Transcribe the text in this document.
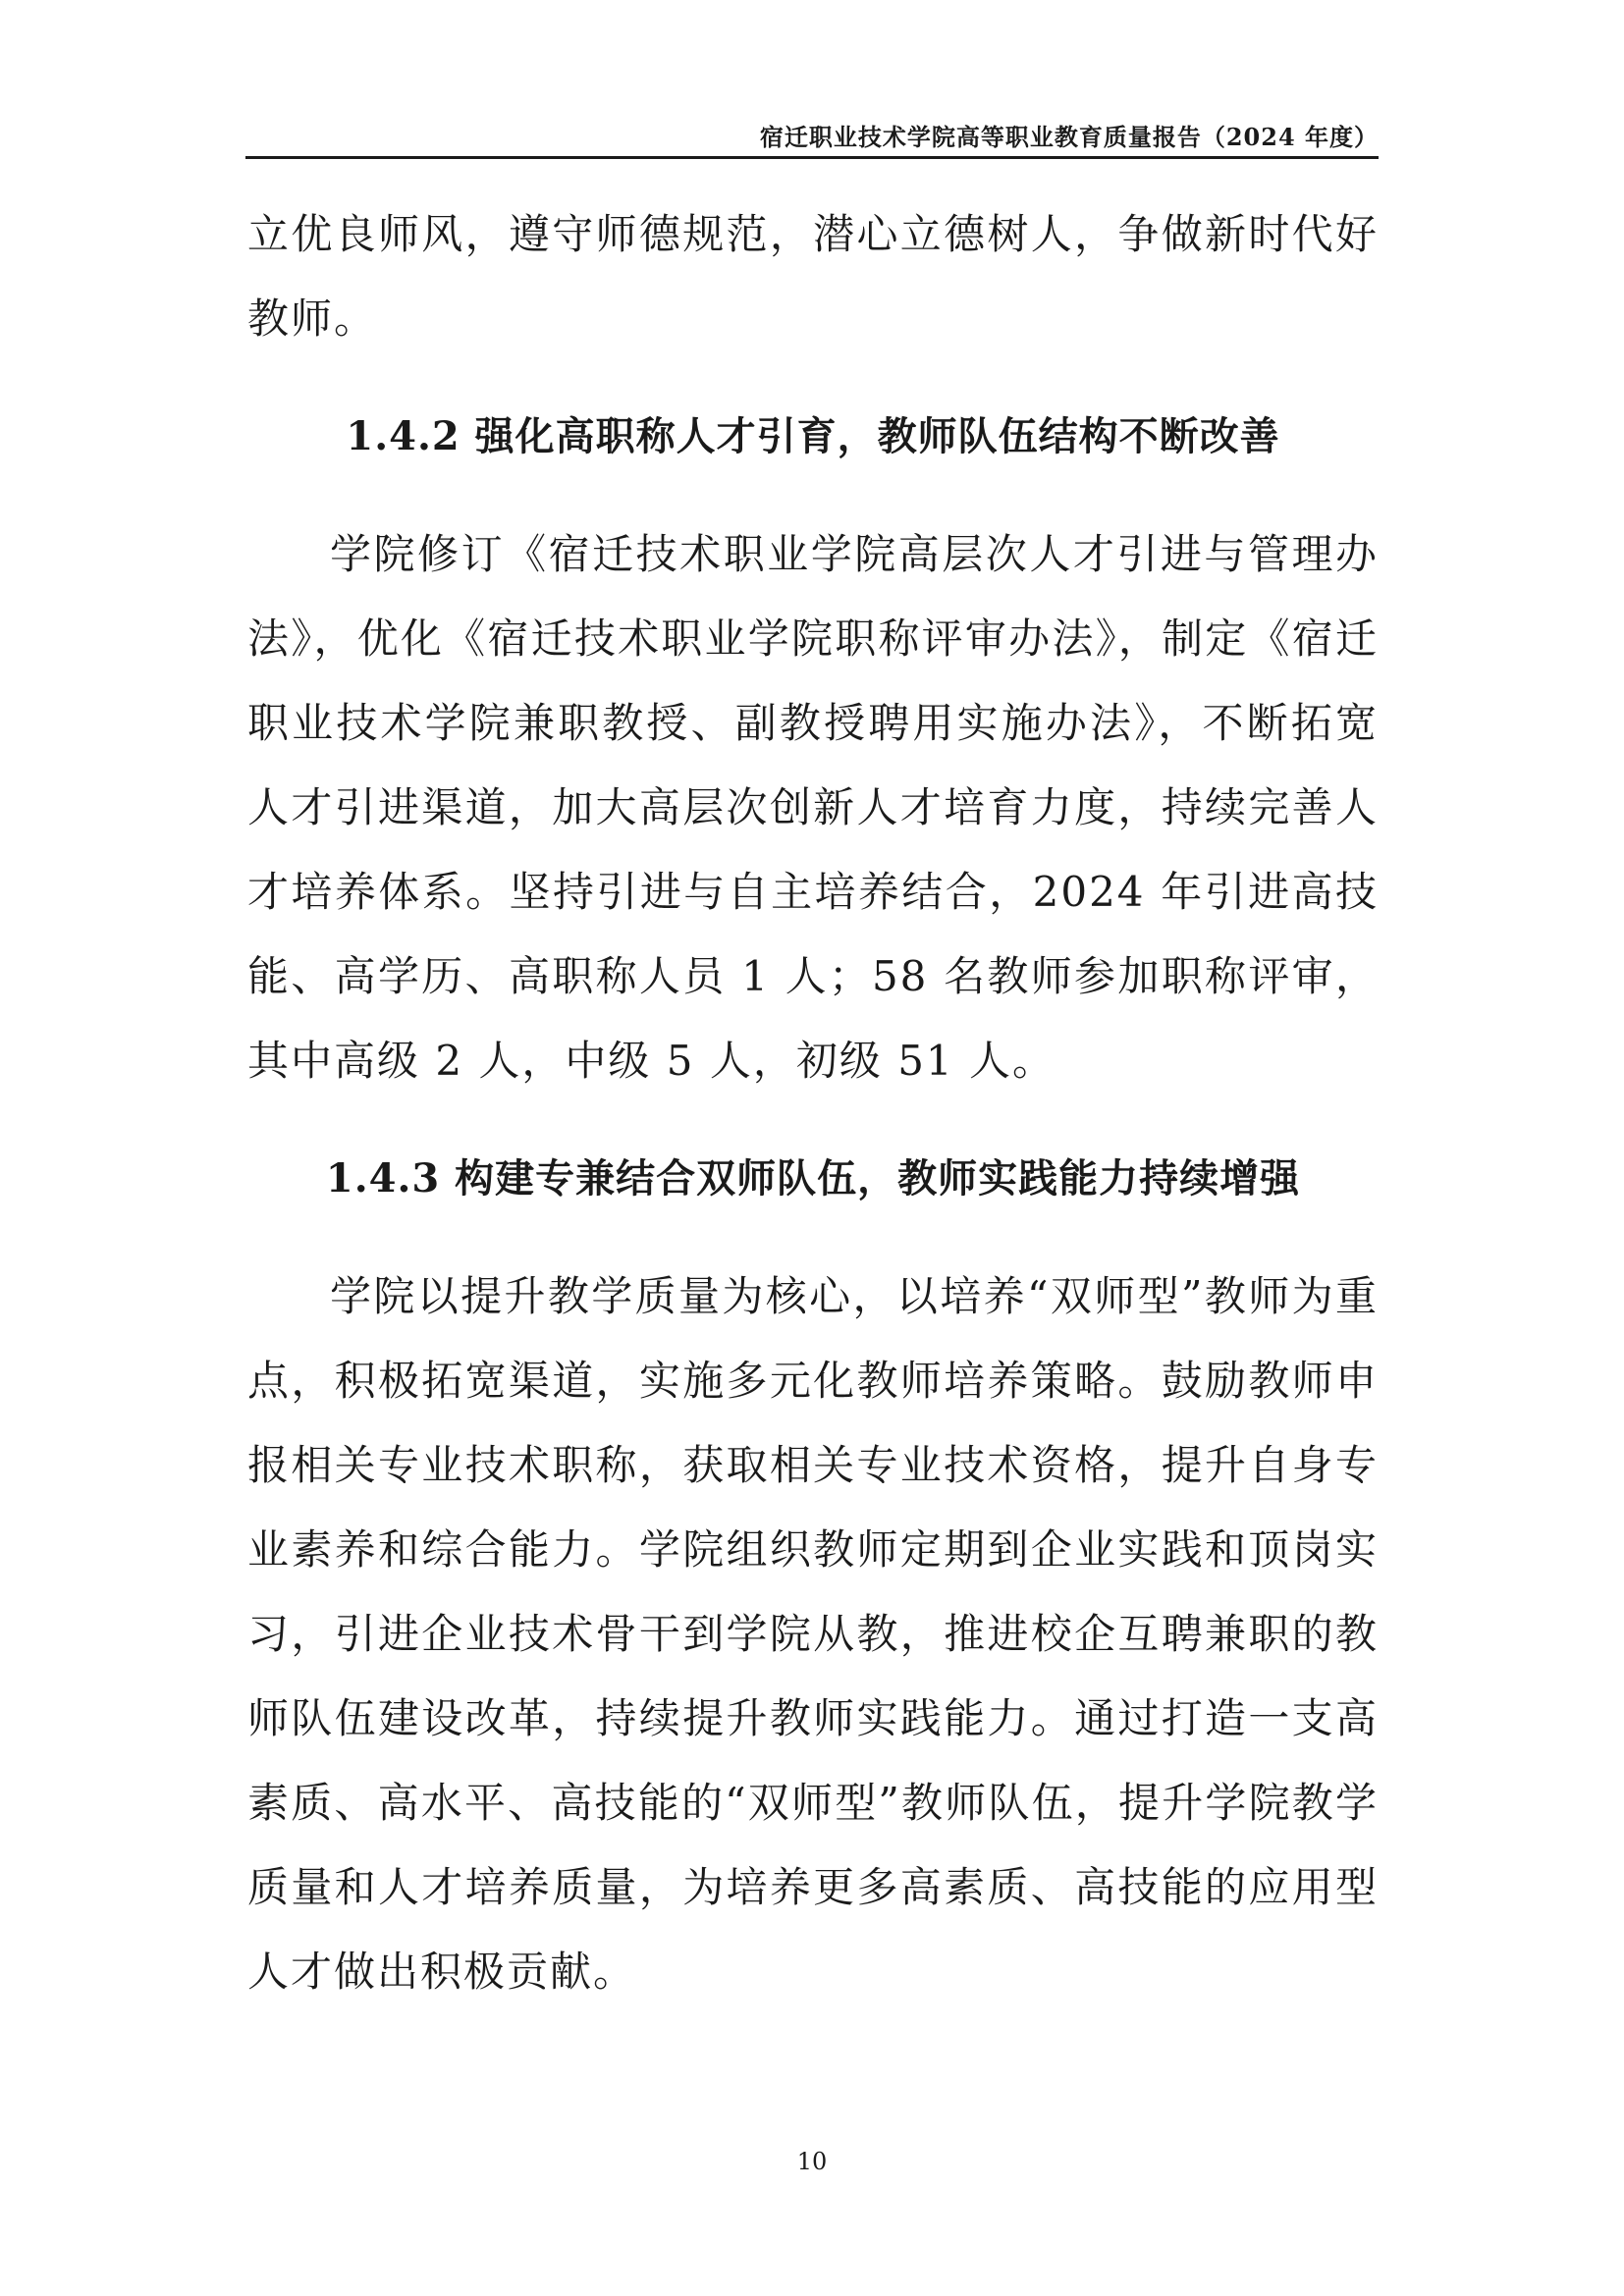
宿迁职业技术学院高等职业教育质量报告（2024 年度）

立优良师风，遵守师德规范，潜心立德树人，争做新时代好教师。

1.4.2 强化高职称人才引育，教师队伍结构不断改善

学院修订《宿迁技术职业学院高层次人才引进与管理办法》，优化《宿迁技术职业学院职称评审办法》，制定《宿迁职业技术学院兼职教授、副教授聘用实施办法》，不断拓宽人才引进渠道，加大高层次创新人才培育力度，持续完善人才培养体系。坚持引进与自主培养结合，2024 年引进高技能、高学历、高职称人员 1 人；58 名教师参加职称评审，其中高级 2 人，中级 5 人，初级 51 人。

1.4.3 构建专兼结合双师队伍，教师实践能力持续增强

学院以提升教学质量为核心，以培养“双师型”教师为重点，积极拓宽渠道，实施多元化教师培养策略。鼓励教师申报相关专业技术职称，获取相关专业技术资格，提升自身专业素养和综合能力。学院组织教师定期到企业实践和顶岗实习，引进企业技术骨干到学院从教，推进校企互聘兼职的教师队伍建设改革，持续提升教师实践能力。通过打造一支高素质、高水平、高技能的“双师型”教师队伍，提升学院教学质量和人才培养质量，为培养更多高素质、高技能的应用型人才做出积极贡献。

10
